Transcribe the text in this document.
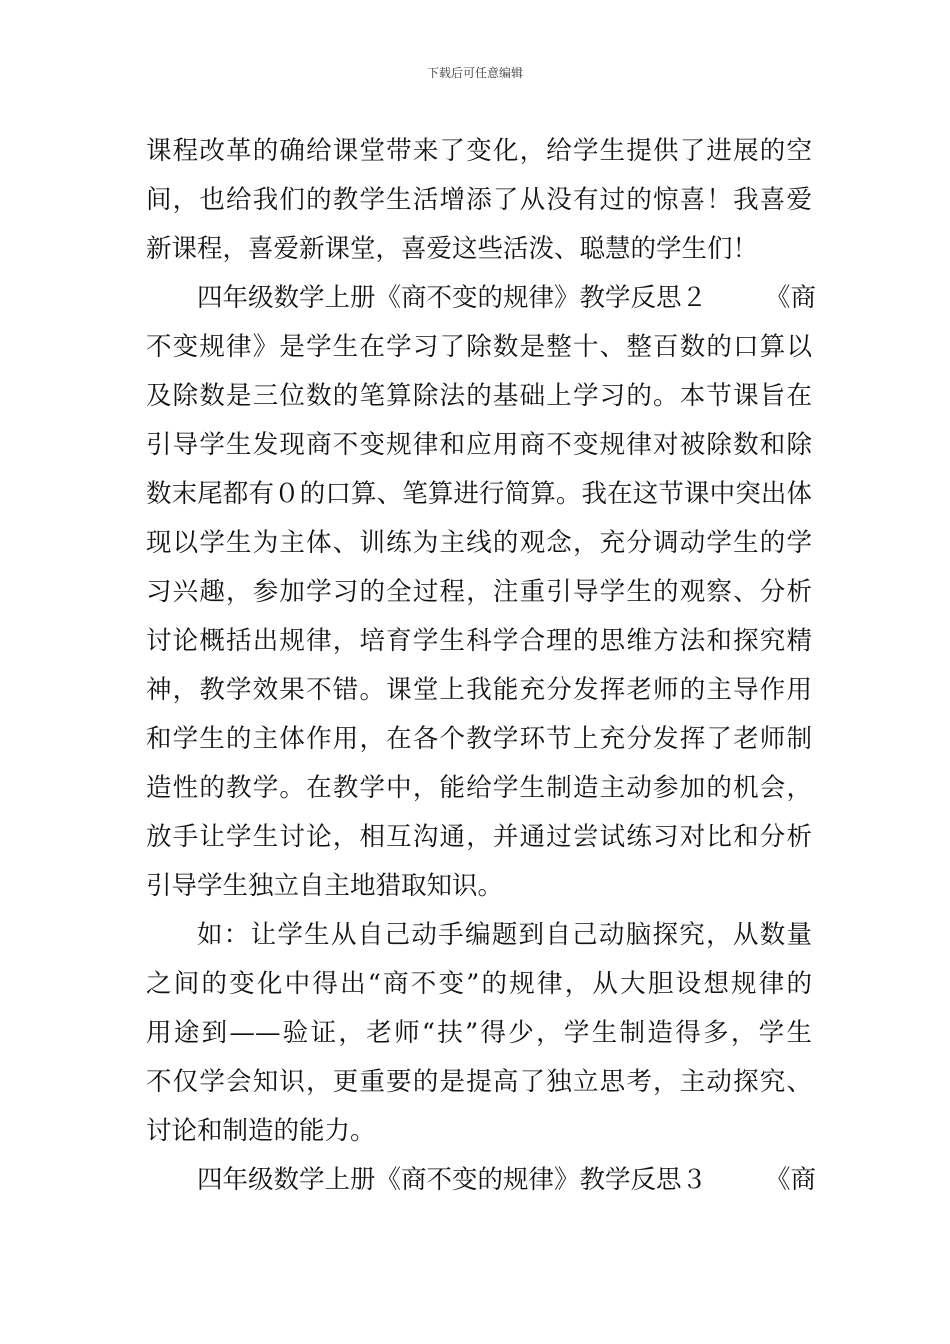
下载后可任意编辑
课程改革的确给课堂带来了变化，给学生提供了进展的空
间，也给我们的教学生活增添了从没有过的惊喜！我喜爱
新课程，喜爱新课堂，喜爱这些活泼、聪慧的学生们！
四年级数学上册《商不变的规律》教学反思２ 《商
不变规律》是学生在学习了除数是整十、整百数的口算以
及除数是三位数的笔算除法的基础上学习的。本节课旨在
引导学生发现商不变规律和应用商不变规律对被除数和除
数末尾都有０的口算、笔算进行简算。我在这节课中突出体
现以学生为主体、训练为主线的观念，充分调动学生的学
习兴趣，参加学习的全过程，注重引导学生的观察、分析
讨论概括出规律，培育学生科学合理的思维方法和探究精
神，教学效果不错。课堂上我能充分发挥老师的主导作用
和学生的主体作用，在各个教学环节上充分发挥了老师制
造性的教学。在教学中，能给学生制造主动参加的机会，
放手让学生讨论，相互沟通，并通过尝试练习对比和分析
引导学生独立自主地猎取知识。
如：让学生从自己动手编题到自己动脑探究，从数量
之间的变化中得出“商不变”的规律，从大胆设想规律的
用途到——验证，老师“扶”得少，学生制造得多，学生
不仅学会知识，更重要的是提高了独立思考，主动探究、
讨论和制造的能力。
四年级数学上册《商不变的规律》教学反思３ 《商
